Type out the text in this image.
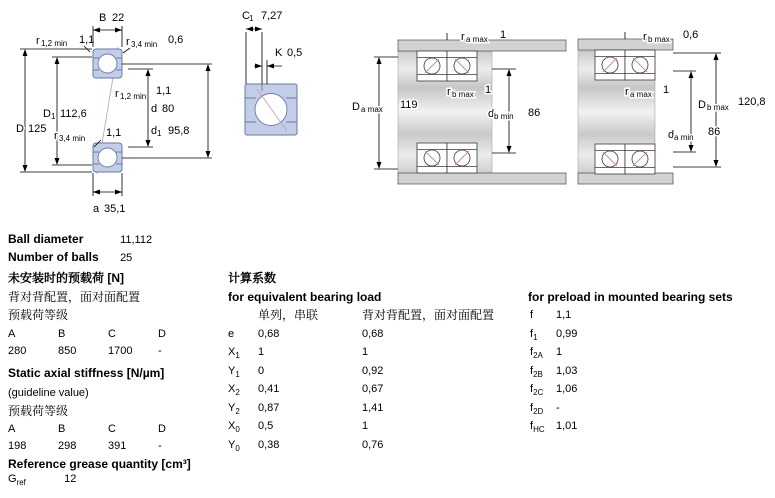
B 22
r 1,2 min 1,1	r 3,4 min 0,6
D 125
D 1 112,6	d 80
d 1 95,8
r 1,2 min 1,1
r 3,4 min 1,1
a 35,1
C 1 7,27
K 0,5
D a max 119
r a max 1
r b max 1
d b min 86
r b max 0,6
r a max 1
D b max 120,8
d a min 86
Ball diameter	11,112
Number of balls 25
未安装时的预载荷 [N]
背对背配置，面对面配置
预载荷等级
A	B	C	D
280	850	1700 -
Static axial stiffness [N/µm]
(guideline value)
预载荷等级
A	B	C	D
198	298	391	-
Reference grease quantity [cm³]
$G_{ref}$	12
计算系数
for equivalent bearing load
单列，串联	背对背配置，面对面配置
e 0,68	0,68
$X_1$ 1	1
$Y_1$ 0	0,92
$X_2$ 0,41	0,67
$Y_2$ 0,87	1,41
$X_0$ 0,5	1
$Y_0$ 0,38	0,76
for preload in mounted bearing sets
f 1,1
$f_1$ 0,99
$f_{2A}$ 1
$f_{2B}$ 1,03
$f_{2C}$ 1,06
$f_{2D}$ -
$f_{HC}$ 1,01
